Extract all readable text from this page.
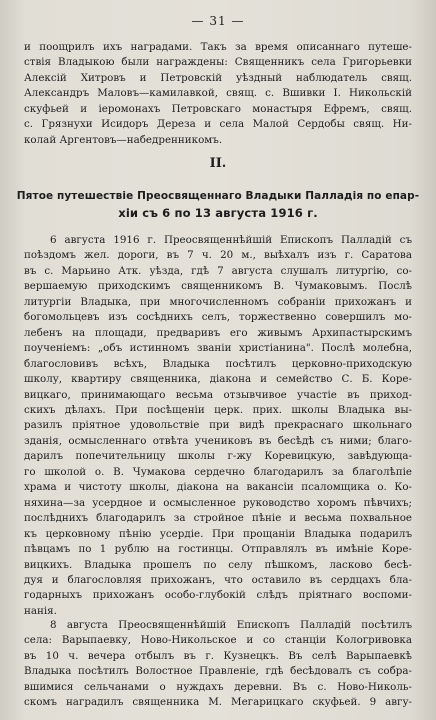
— 31 —
и поощрилъ ихъ наградами. Такъ за время описаннаго путеше-
ствія Владыкою были награждены: Священникъ села Григорьевки
Алексій Хитровъ и Петровскій уѣздный наблюдатель свящ.
Александръ Маловъ—камилавкой, свящ. с. Вшивки І. Никольскій
скуфьей и іеромонахъ Петровскаго монастыря Ефремъ, свящ.
с. Грязнухи Исидоръ Дереза и села Малой Сердобы свящ. Ни-
колай Аргентовъ—набедренникомъ.
II.
Пятое путешествіе Преосвященнаго Владыки Палладія по епар-
хіи съ 6 по 13 августа 1916 г.
6 августа 1916 г. Преосвященнѣйшій Епископъ Палладій съ
поѣздомъ жел. дороги, въ 7 ч. 20 м., выѣхалъ изъ г. Саратова
въ с. Марьино Атк. уѣзда, гдѣ 7 августа слушалъ литургію, со-
вершаемую приходскимъ священникомъ В. Чумаковымъ. Послѣ
литургіи Владыка, при многочисленномъ собраніи прихожанъ и
богомольцевъ изъ сосѣднихъ селъ, торжественно совершилъ мо-
лебенъ на площади, предваривъ его живымъ Архипастырскимъ
поученіемъ: „объ истинномъ званіи христіанина". Послѣ молебна,
благословивъ всѣхъ, Владыка посѣтилъ церковно-приходскую
школу, квартиру священника, діакона и семейство С. Б. Коре-
вицкаго, принимающаго весьма отзывчивое участіе въ приход-
скихъ дѣлахъ. При посѣщеніи церк. прих. школы Владыка вы-
разилъ пріятное удовольствіе при видѣ прекраснаго школьнаго
зданія, осмысленнаго отвѣта учениковъ въ бесѣдѣ съ ними; благо-
дарилъ попечительницу школы г-жу Коревицкую, завѣдующа-
го школой о. В. Чумакова сердечно благодарилъ за благолѣпіе
храма и чистоту школы, діакона на вакансіи псаломщика о. Ко-
няхина—за усердное и осмысленное руководство хоромъ пѣвчихъ;
послѣднихъ благодарилъ за стройное пѣніе и весьма похвальное
къ церковному пѣнію усердіе. При прощаніи Владыка подарилъ
пѣвцамъ по 1 рублю на гостинцы. Отправлялъ въ имѣніе Коре-
вицкихъ. Владыка прошелъ по селу пѣшкомъ, ласково бесѣ-
дуя и благословляя прихожанъ, что оставило въ сердцахъ бла-
годарныхъ прихожанъ особо-глубокій слѣдъ пріятнаго воспоми-
нанія.
8 августа Преосвященнѣйшій Епископъ Палладій посѣтилъ
села: Варыпаевку, Ново-Никольское и со станціи Кологривовка
въ 10 ч. вечера отбылъ въ г. Кузнецкъ. Въ селѣ Варыпаевкѣ
Владыка посѣтилъ Волостное Правленіе, гдѣ бесѣдовалъ съ собра-
вшимися сельчанами о нуждахъ деревни. Въ с. Ново-Николь-
скомъ наградилъ священника М. Мегарицкаго скуфьей. 9 авгу-
